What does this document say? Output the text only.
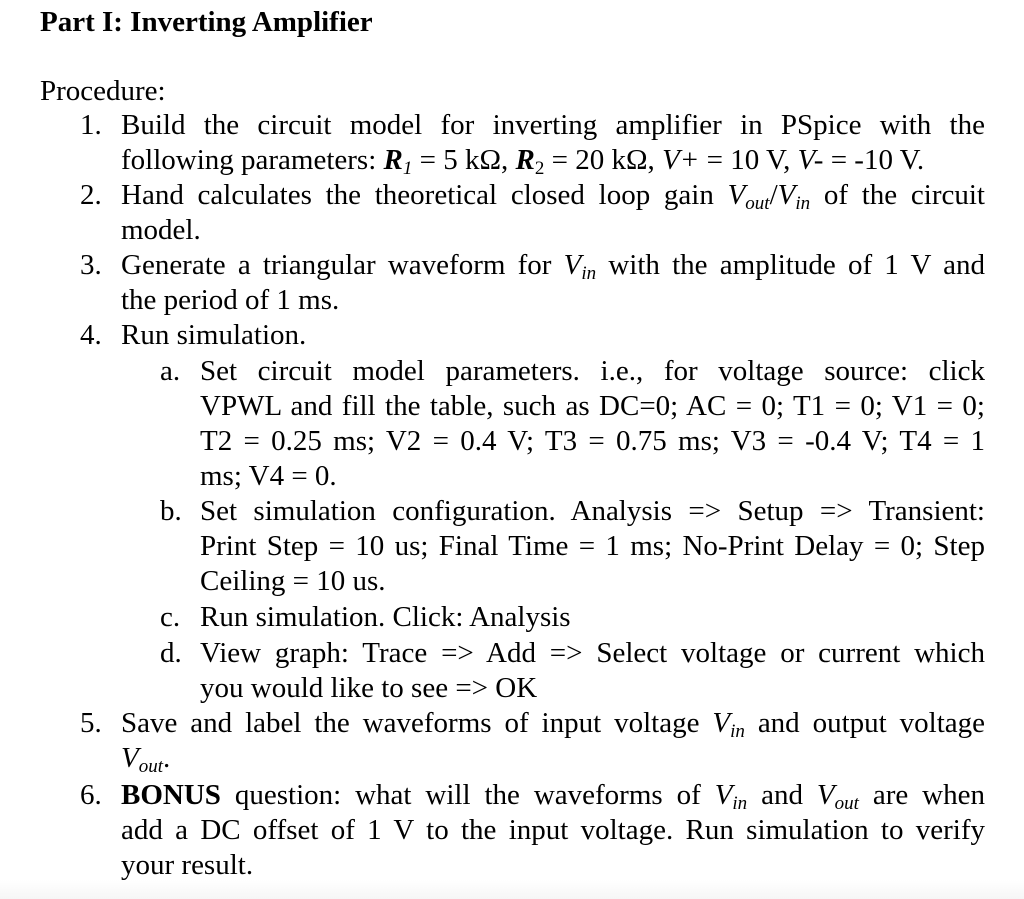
Part I: Inverting Amplifier
Procedure:
1. Build the circuit model for inverting amplifier in PSpice with the
following parameters: $R_1 = 5$ kΩ, $R_2 = 20$ kΩ, V+ = 10 V, V- = -10 V.
2. Hand calculates the theoretical closed loop gain $V_{out}/V_{in}$ of the circuit
model.
3. Generate a triangular waveform for $V_{in}$ with the amplitude of 1 V and
the period of 1 ms.
4. Run simulation.
a. Set circuit model parameters. i.e., for voltage source: click
VPWL and fill the table, such as DC=0; AC = 0; T1 = 0; V1 = 0;
T2 = 0.25 ms; V2 = 0.4 V; T3 = 0.75 ms; V3 = -0.4 V; T4 = 1
ms; V4 = 0.
b. Set simulation configuration. Analysis => Setup => Transient:
Print Step = 10 us; Final Time = 1 ms; No-Print Delay = 0; Step
Ceiling = 10 us.
c. Run simulation. Click: Analysis
d. View graph: Trace => Add => Select voltage or current which
you would like to see => OK
5. Save and label the waveforms of input voltage $V_{in}$ and output voltage
$V_{out}$.
6. BONUS question: what will the waveforms of $V_{in}$ and $V_{out}$ are when
add a DC offset of 1 V to the input voltage. Run simulation to verify
your result.
